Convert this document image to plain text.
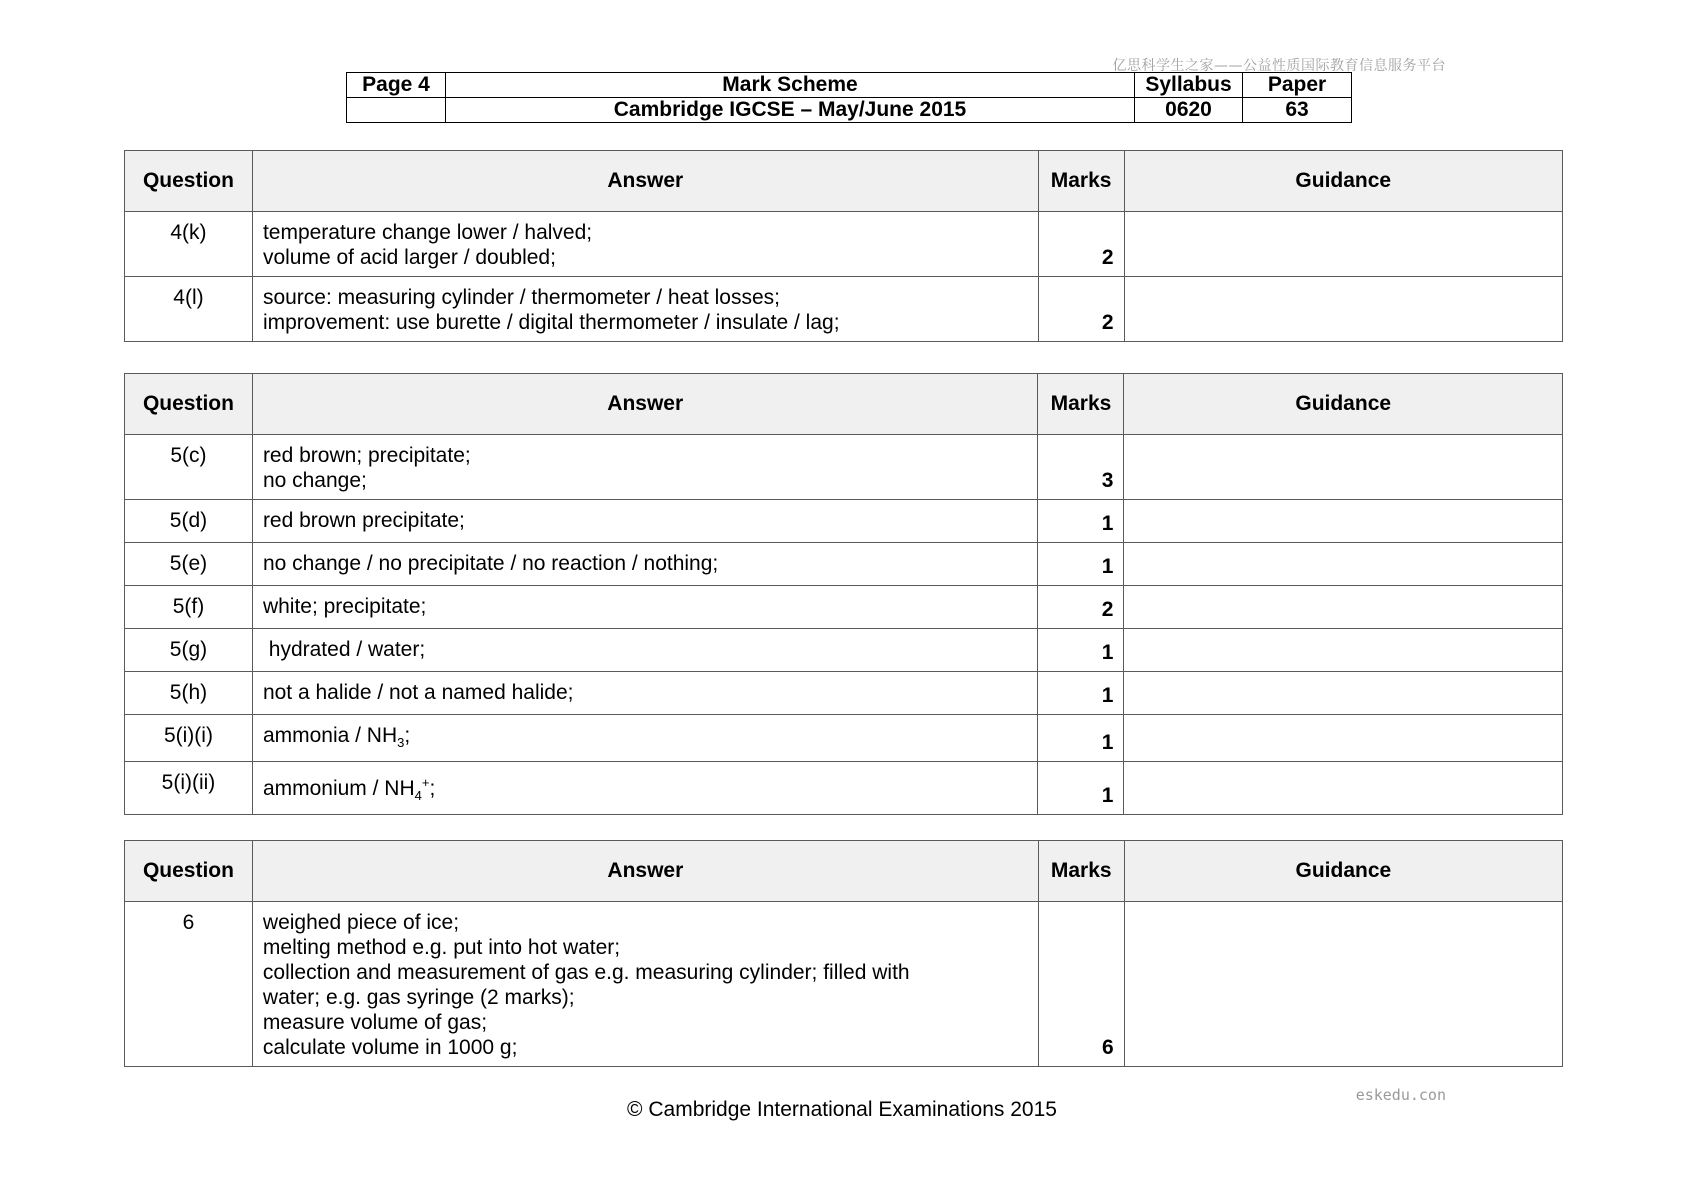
亿思科学生之家——公益性质国际教育信息服务平台
Page 4	Mark Scheme	Syllabus	Paper
	Cambridge IGCSE – May/June 2015	0620	63
Question	Answer	Marks	Guidance
4(k)	temperature change lower / halved;
volume of acid larger / doubled;	2	
4(l)	source: measuring cylinder / thermometer / heat losses;
improvement: use burette / digital thermometer / insulate / lag;	2	
Question	Answer	Marks	Guidance
5(c)	red brown; precipitate;
no change;	3	
5(d)	red brown precipitate;	1	
5(e)	no change / no precipitate / no reaction / nothing;	1	
5(f)	white; precipitate;	2	
5(g)	hydrated / water;	1	
5(h)	not a halide / not a named halide;	1	
5(i)(i)	ammonia / $NH_3$;	1	
5(i)(ii)	ammonium / $NH_4^+$;	1	
Question	Answer	Marks	Guidance
6	weighed piece of ice;
melting method e.g. put into hot water;
collection and measurement of gas e.g. measuring cylinder; filled with water; e.g. gas syringe (2 marks);
measure volume of gas;
calculate volume in 1000 g;	6	
eskedu.con
© Cambridge International Examinations 2015
